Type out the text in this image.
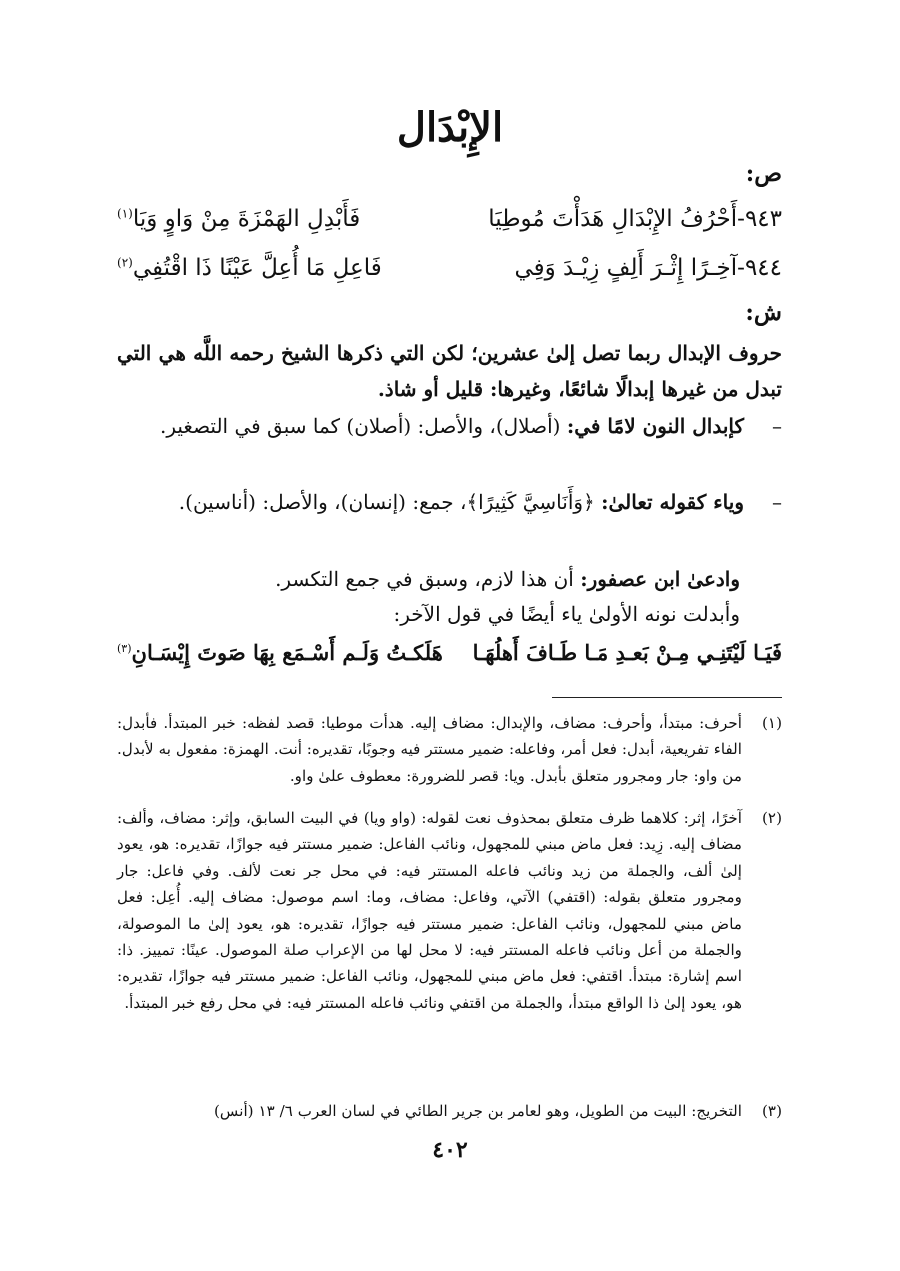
الإِبْدَال
ص:
٩٤٣-أَحْرُفُ الإِبْدَالِ هَدَأْتَ مُوطِيَا
فَأَبْدِلِ الهَمْزَةَ مِنْ وَاوٍ وَيَا$^{(١)}$
٩٤٤-آخِـرًا إِثْـرَ أَلِفٍ زِيْـدَ وَفِي
فَاعِلِ مَا أُعِلَّ عَيْنًا ذَا اقْتُفِي$^{(٢)}$
ش:
حروف الإبدال ربما تصل إلىٰ عشرين؛ لكن التي ذكرها الشيخ رحمه اللَّه هي التي تبدل من غيرها إبدالًا شائعًا، وغيرها: قليل أو شاذ.
–
كإبدال النون لامًا في: (أصلال)، والأصل: (أصلان) كما سبق في التصغير.
–
وياء كقوله تعالىٰ: ﴿وَأَنَاسِيَّ كَثِيرًا﴾، جمع: (إنسان)، والأصل: (أناسين).
وادعىٰ ابن عصفور: أن هذا لازم، وسبق في جمع التكسر.
وأبدلت نونه الأولىٰ ياء أيضًا في قول الآخر:
فَيَـا لَيْتَنِـي مِـنْ بَعـدِ مَـا طَـافَ أَهلُهَـا
هَلَكـتُ وَلَـم أَسْـمَع بِهَا صَوتَ إِيْسَـانِ$^{(٣)}$
(١)
أحرف: مبتدأ، وأحرف: مضاف، والإبدال: مضاف إليه. هدأت موطيا: قصد لفظه: خبر المبتدأ. فأبدل: الفاء تفريعية، أبدل: فعل أمر، وفاعله: ضمير مستتر فيه وجوبًا، تقديره: أنت. الهمزة: مفعول به لأبدل. من واو: جار ومجرور متعلق بأبدل. ويا: قصر للضرورة: معطوف علىٰ واو.
(٢)
آخرًا، إثر: كلاهما ظرف متعلق بمحذوف نعت لقوله: (واو ويا) في البيت السابق، وإثر: مضاف، وألف: مضاف إليه. زِيد: فعل ماض مبني للمجهول، ونائب الفاعل: ضمير مستتر فيه جوازًا، تقديره: هو، يعود إلىٰ ألف، والجملة من زيد ونائب فاعله المستتر فيه: في محل جر نعت لألف. وفي فاعل: جار ومجرور متعلق بقوله: (اقتفي) الآتي، وفاعل: مضاف، وما: اسم موصول: مضاف إليه. أُعِل: فعل ماض مبني للمجهول، ونائب الفاعل: ضمير مستتر فيه جوازًا، تقديره: هو، يعود إلىٰ ما الموصولة، والجملة من أعل ونائب فاعله المستتر فيه: لا محل لها من الإعراب صلة الموصول. عينًا: تمييز. ذا: اسم إشارة: مبتدأ. اقتفي: فعل ماض مبني للمجهول، ونائب الفاعل: ضمير مستتر فيه جوازًا، تقديره: هو، يعود إلىٰ ذا الواقع مبتدأ، والجملة من اقتفي ونائب فاعله المستتر فيه: في محل رفع خبر المبتدأ.
(٣)
التخريج: البيت من الطويل، وهو لعامر بن جرير الطائي في لسان العرب ٦/ ١٣ (أنس)
٤٠٢
